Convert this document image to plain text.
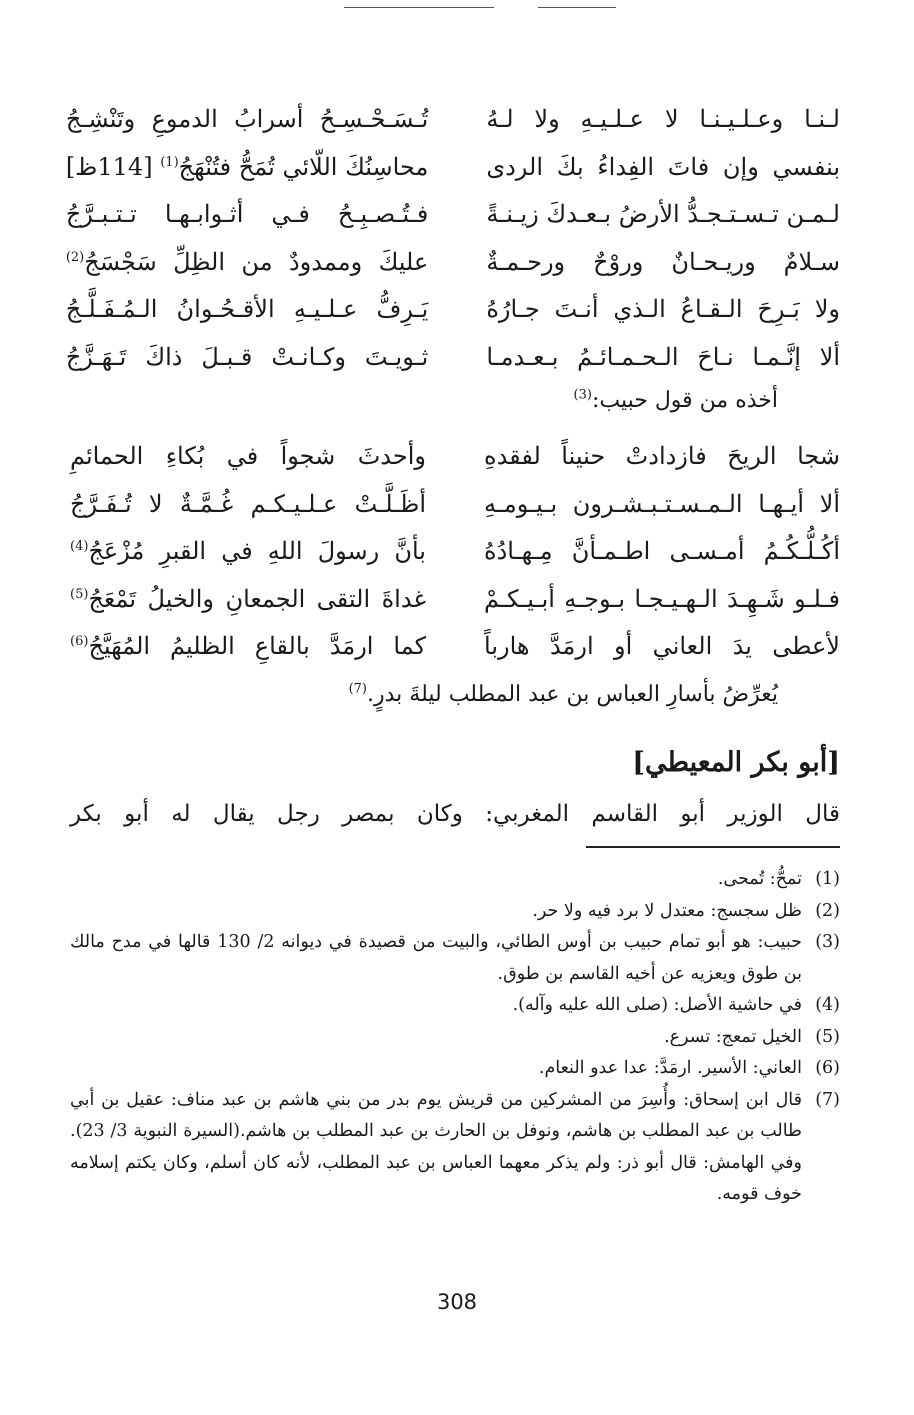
لـنـا وعـلـيـنـا لا عـلـيـهِ ولا لـهُ
تُـسَـحْـسِـحُ أسرابُ الدموعِ وتَنْشِـجُ
بنفسي وإن فاتَ الفِداءُ بكَ الردى
محاسِنُكَ اللّائي تُمَحُّ فتُنْهَجُ$^{(1)}$ [114ظ]
لـمـن تـسـتـجـدُّ الأرضُ بـعـدكَ زيـنـةً
فـتُـصـبِـحُ فـي أثـوابـهـا تـتـبـرَّجُ
سـلامٌ وريـحـانٌ وروْحٌ ورحـمـةٌ
عليكَ وممدودٌ من الظِلِّ سَجْسَجُ$^{(2)}$
ولا بَـرِحَ الـقـاعُ الـذي أنـتَ جـارُهُ
يَـرِفُّ عـلـيـهِ الأقـحُـوانُ الـمُـفَـلَّـجُ
ألا إنَّـمـا نـاحَ الـحـمـائـمُ بـعـدمـا
ثـويـتَ وكـانـتْ قـبـلَ ذاكَ تَـهَـزَّجُ
أخذه من قول حبيب:$^{(3)}$
شجا الريحَ فازدادتْ حنيناً لفقدهِ
وأحدثَ شجواً في بُكاءِ الحمائمِ
ألا أيـهـا الـمـسـتـبـشـرون بـيـومـهِ
أظَـلَّـتْ عـلـيـكـم غُـمَّـةٌ لا تُـفَـرَّجُ
أكُـلُّـكُـمُ أمـسـى اطـمـأنَّ مِـهـادُهُ
بأنَّ رسولَ اللهِ في القبرِ مُزْعَجُ$^{(4)}$
فـلـو شَـهِـدَ الـهـيـجـا بـوجـهِ أبـيـكـمْ
غداةَ التقى الجمعانِ والخيلُ تَمْعَجُ$^{(5)}$
لأعطى يدَ العاني أو ارمَدَّ هارباً
كما ارمَدَّ بالقاعِ الظليمُ المُهَيَّجُ$^{(6)}$
يُعرِّضُ بأسارِ العباس بن عبد المطلب ليلةَ بدرٍ.$^{(7)}$
[أبو بكر المعيطي]
قال الوزير أبو القاسم المغربي: وكان بمصر رجل يقال له أبو بكر
(1)
تمحُّ: تُمحى.
(2)
ظل سجسج: معتدل لا برد فيه ولا حر.
(3)
حبيب: هو أبو تمام حبيب بن أوس الطائي، والبيت من قصيدة في ديوانه 2/ 130 قالها في مدح مالك بن طوق ويعزيه عن أخيه القاسم بن طوق.
(4)
في حاشية الأصل: (صلى الله عليه وآله).
(5)
الخيل تمعج: تسرع.
(6)
العاني: الأسير. ارمَدَّ: عدا عدو النعام.
(7)
قال ابن إسحاق: وأُسِرَ من المشركين من قريش يوم بدر من بني هاشم بن عبد مناف: عقيل بن أبي طالب بن عبد المطلب بن هاشم، ونوفل بن الحارث بن عبد المطلب بن هاشم.(السيرة النبوية 3/ 23). وفي الهامش: قال أبو ذر: ولم يذكر معهما العباس بن عبد المطلب، لأنه كان أسلم، وكان يكتم إسلامه خوف قومه.
308
